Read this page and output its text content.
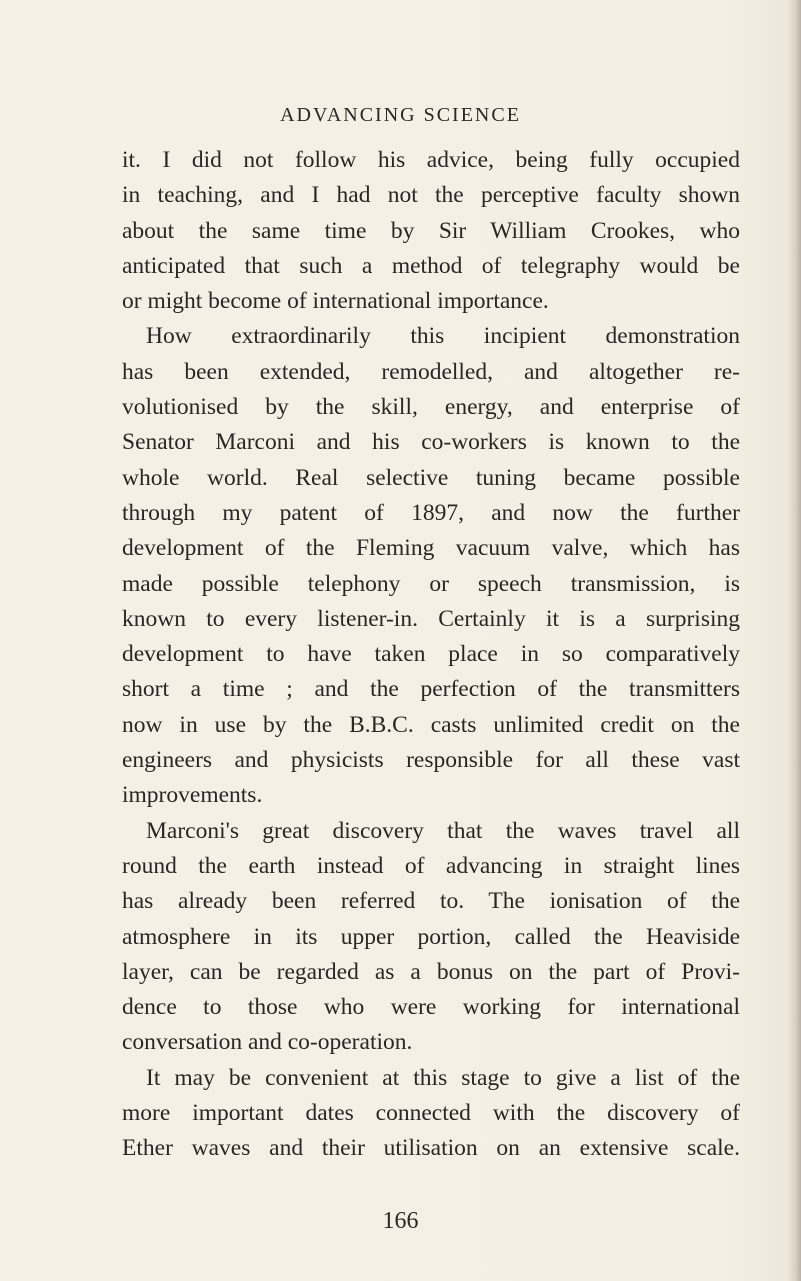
ADVANCING SCIENCE
it. I did not follow his advice, being fully occupied
in teaching, and I had not the perceptive faculty shown
about the same time by Sir William Crookes, who
anticipated that such a method of telegraphy would be
or might become of international importance.
How extraordinarily this incipient demonstration
has been extended, remodelled, and altogether re-
volutionised by the skill, energy, and enterprise of
Senator Marconi and his co-workers is known to the
whole world. Real selective tuning became possible
through my patent of 1897, and now the further
development of the Fleming vacuum valve, which has
made possible telephony or speech transmission, is
known to every listener-in. Certainly it is a surprising
development to have taken place in so comparatively
short a time ; and the perfection of the transmitters
now in use by the B.B.C. casts unlimited credit on the
engineers and physicists responsible for all these vast
improvements.
Marconi's great discovery that the waves travel all
round the earth instead of advancing in straight lines
has already been referred to. The ionisation of the
atmosphere in its upper portion, called the Heaviside
layer, can be regarded as a bonus on the part of Provi-
dence to those who were working for international
conversation and co-operation.
It may be convenient at this stage to give a list of the
more important dates connected with the discovery of
Ether waves and their utilisation on an extensive scale.
166
